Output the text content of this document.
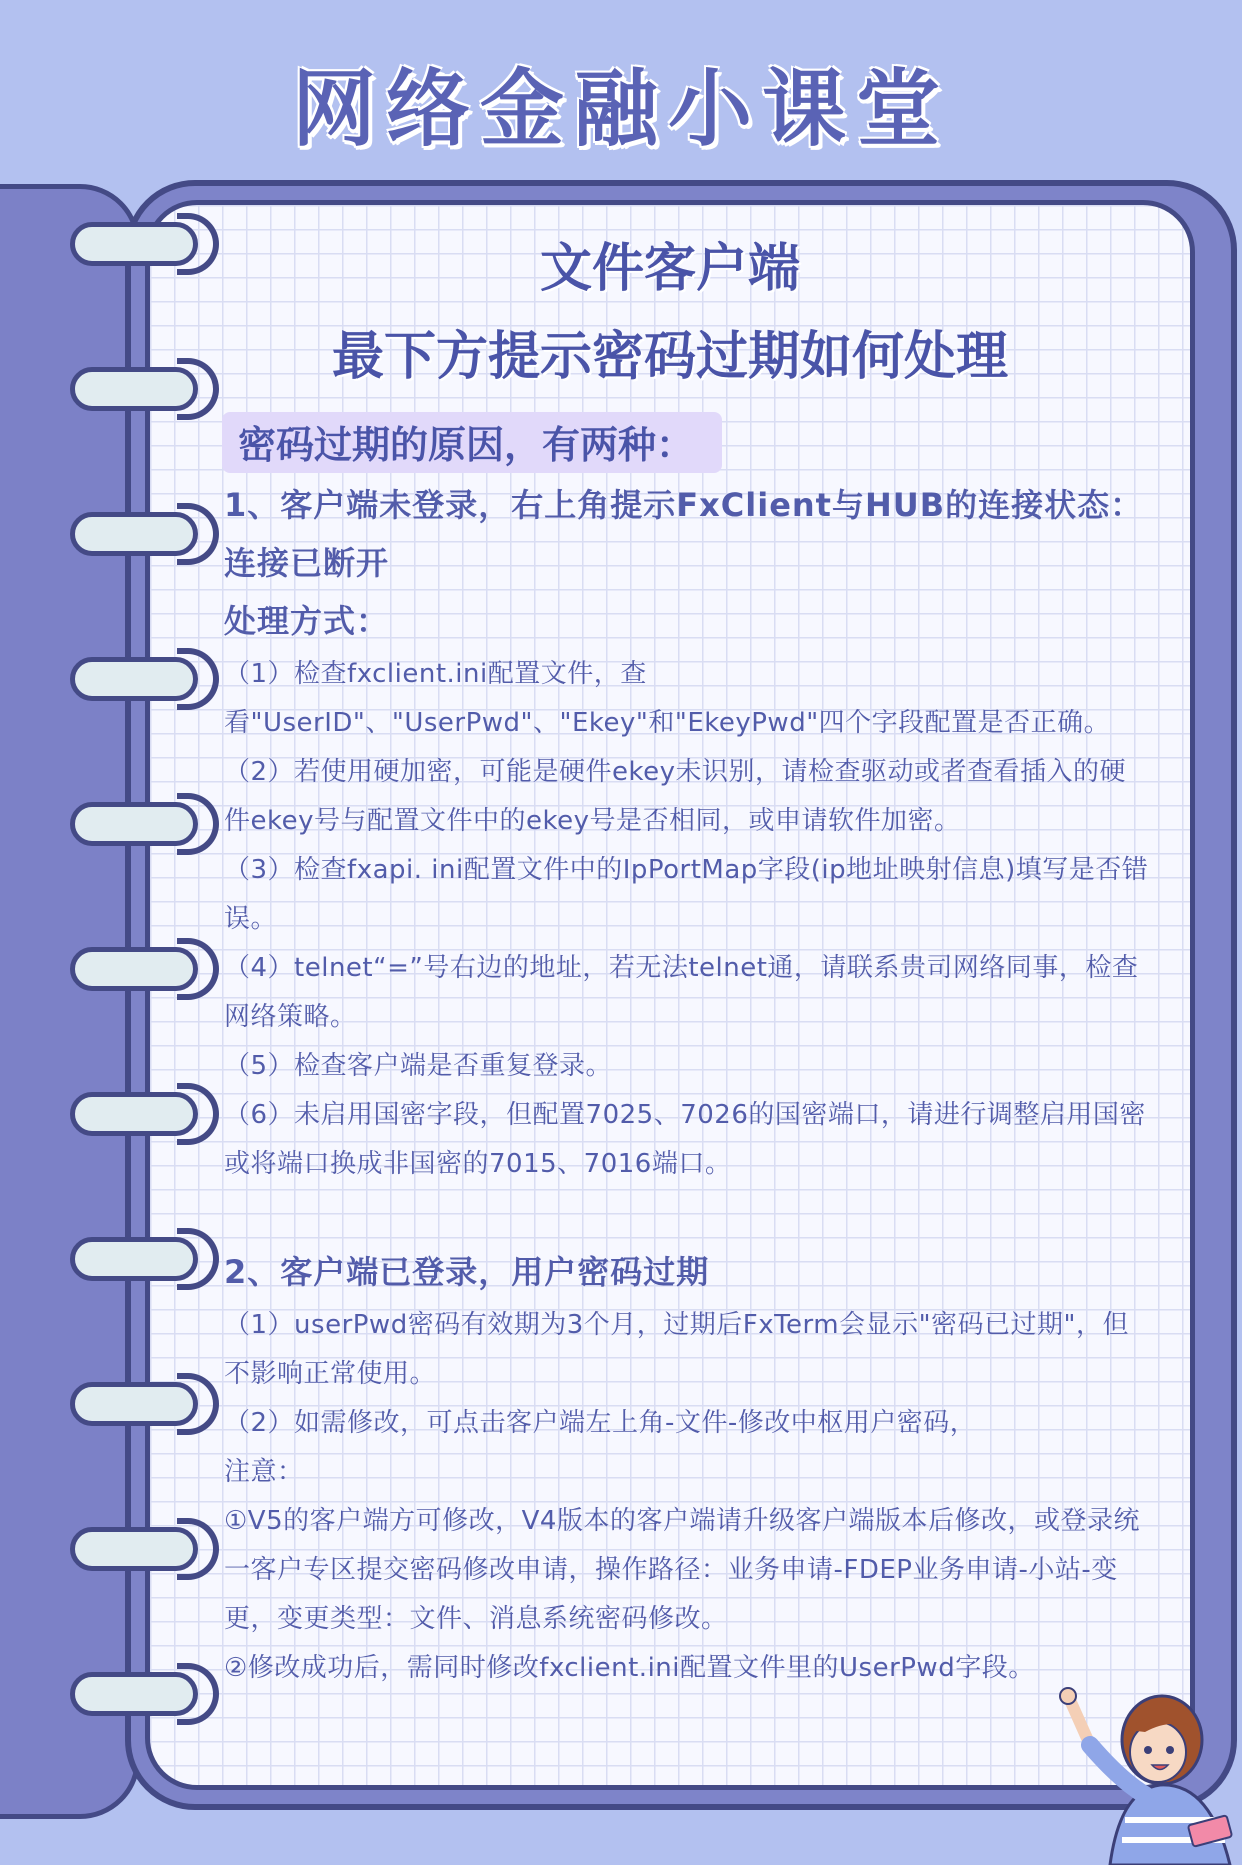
网络金融小课堂
文件客户端
最下方提示密码过期如何处理
密码过期的原因，有两种：
1、客户端未登录，右上角提示FxClient与HUB的连接状态：
连接已断开
处理方式：
（1）检查fxclient.ini配置文件，查看"UserID"、"UserPwd"、"Ekey"和"EkeyPwd"四个字段配置是否正确。
（2）若使用硬加密，可能是硬件ekey未识别，请检查驱动或者查看插入的硬件ekey号与配置文件中的ekey号是否相同，或申请软件加密。
（3）检查fxapi. ini配置文件中的IpPortMap字段(ip地址映射信息)填写是否错误。
（4）telnet“=”号右边的地址，若无法telnet通，请联系贵司网络同事，检查网络策略。
（5）检查客户端是否重复登录。
（6）未启用国密字段，但配置7025、7026的国密端口，请进行调整启用国密或将端口换成非国密的7015、7016端口。
2、客户端已登录，用户密码过期
（1）userPwd密码有效期为3个月，过期后FxTerm会显示"密码已过期"，但不影响正常使用。
（2）如需修改，可点击客户端左上角-文件-修改中枢用户密码，
注意：
①V5的客户端方可修改，V4版本的客户端请升级客户端版本后修改，或登录统一客户专区提交密码修改申请，操作路径：业务申请-FDEP业务申请-小站-变更，变更类型：文件、消息系统密码修改。
②修改成功后，需同时修改fxclient.ini配置文件里的UserPwd字段。
